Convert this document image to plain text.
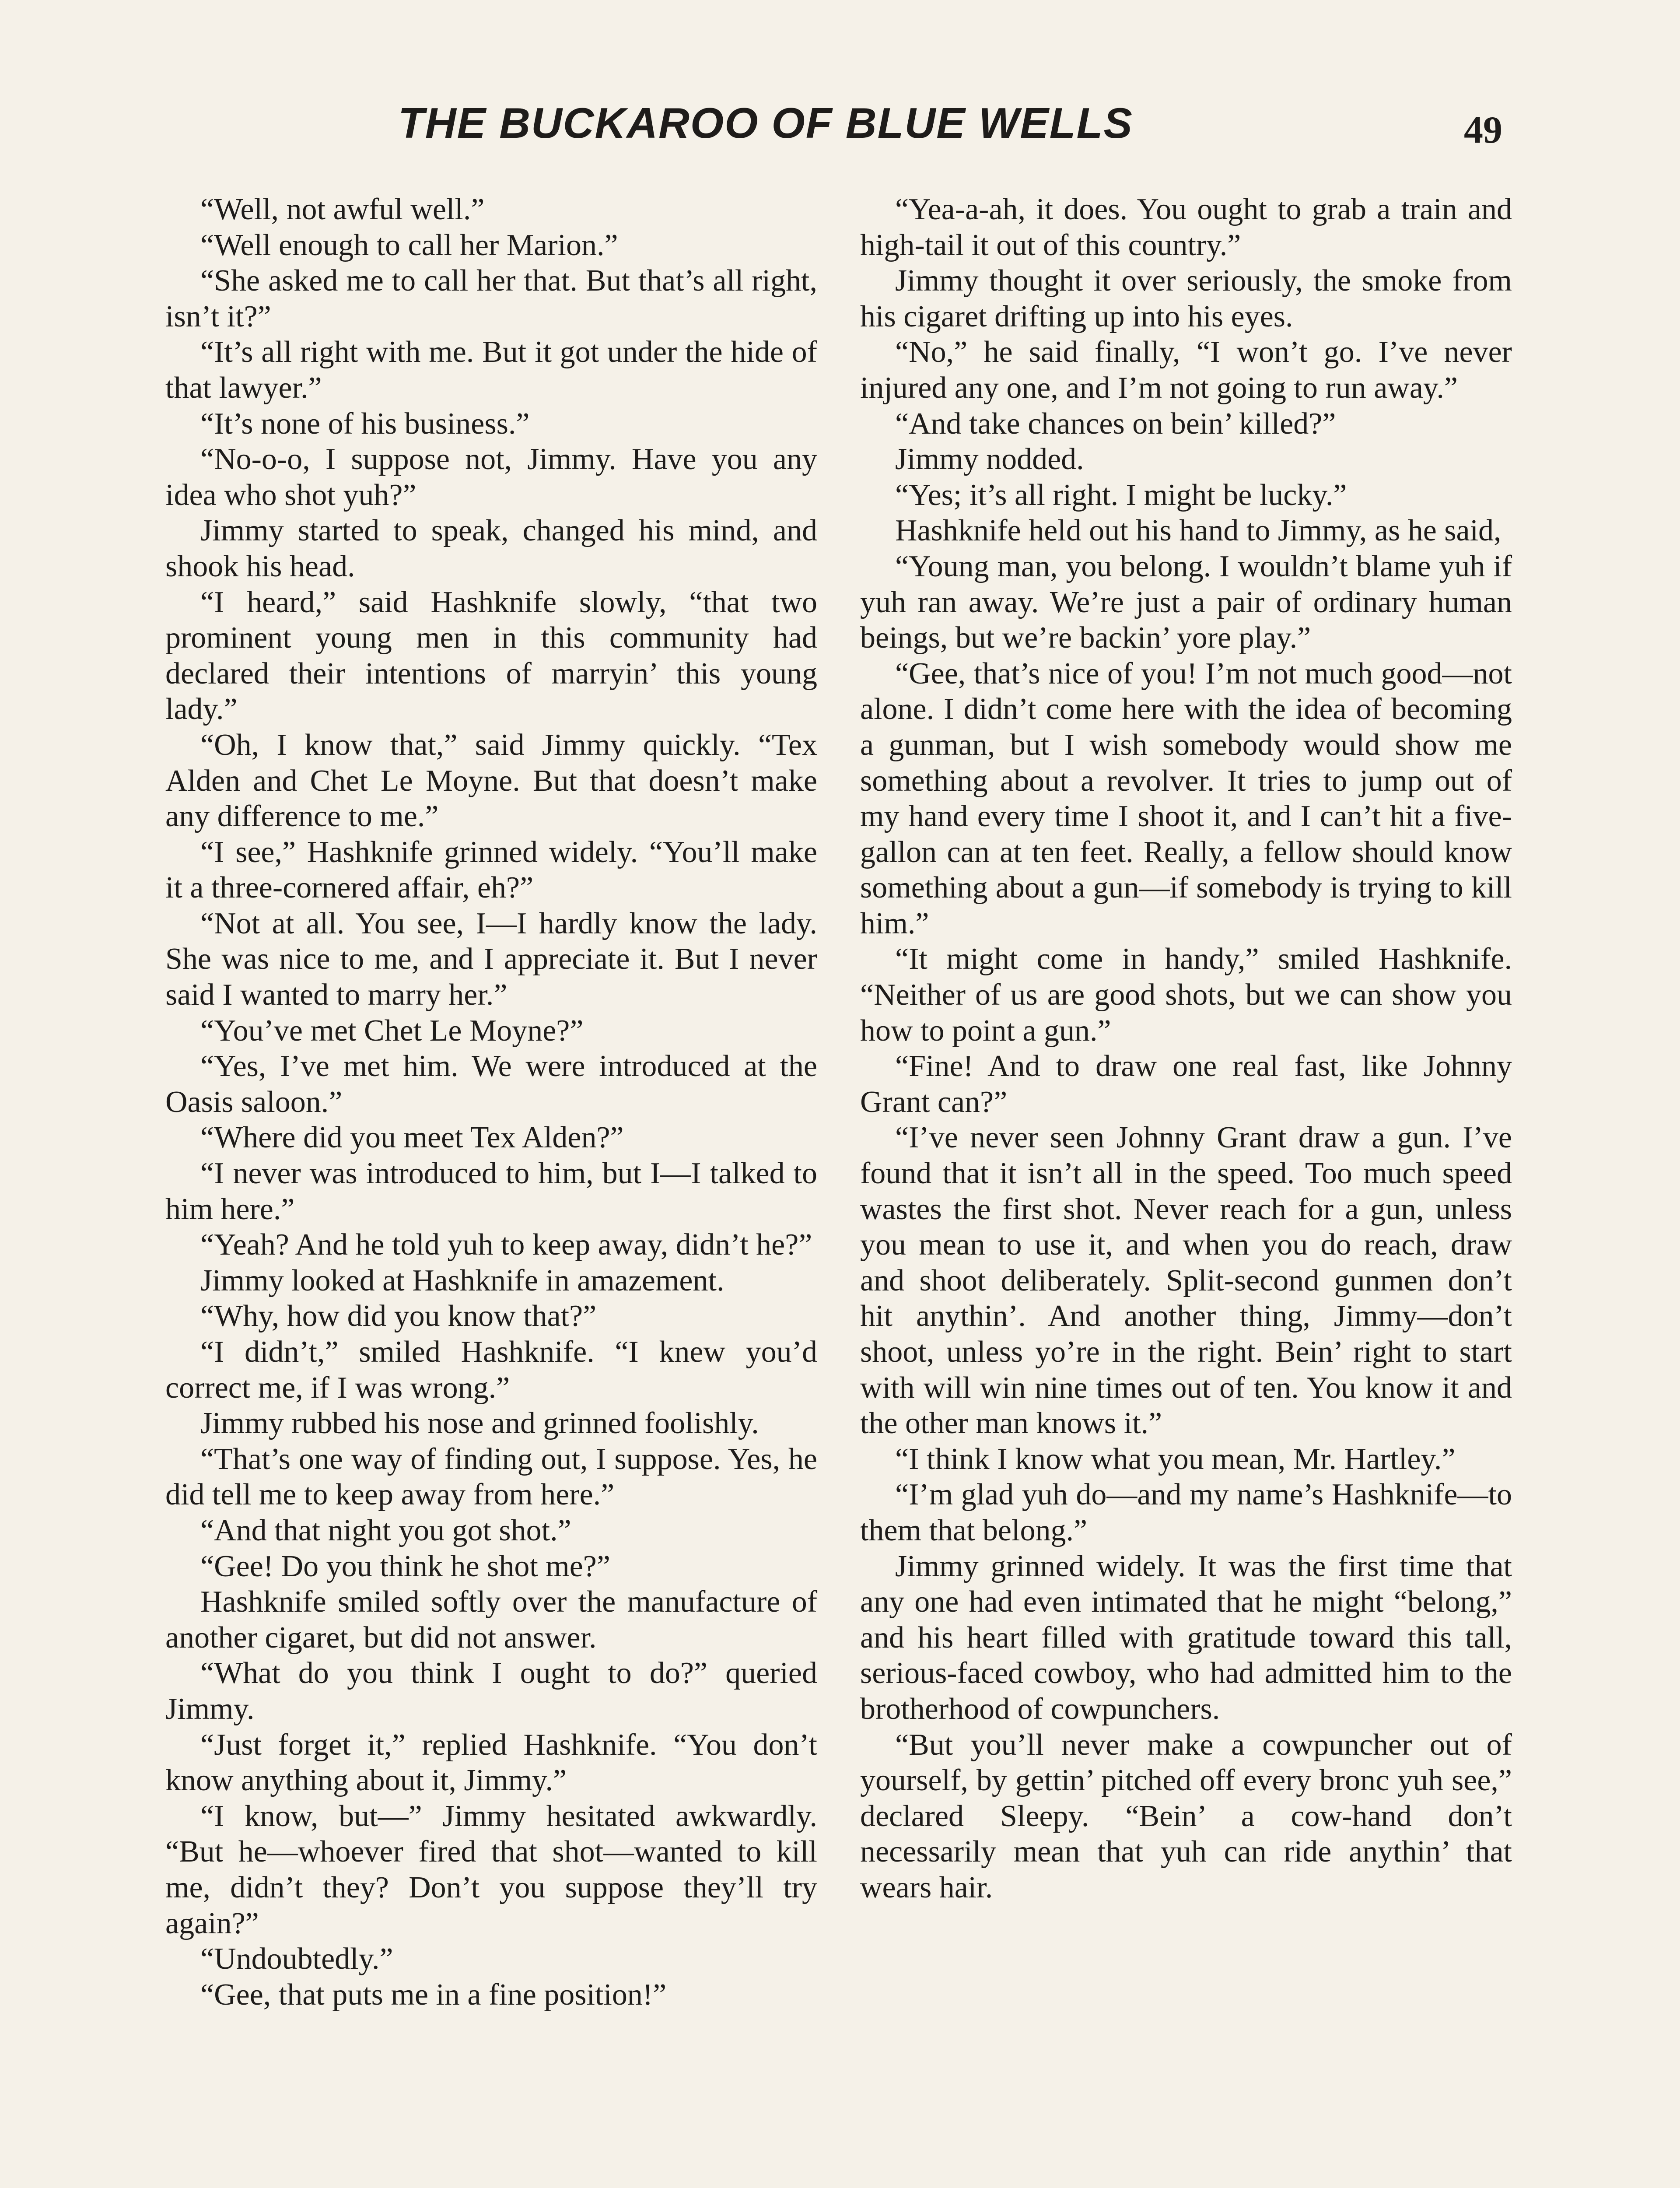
THE BUCKAROO OF BLUE WELLS	49

“Well, not awful well.”

“Well enough to call her Marion.”

“She asked me to call her that. But that’s all right, isn’t it?”

“It’s all right with me. But it got under the hide of that lawyer.”

“It’s none of his business.”

“No-o-o, I suppose not, Jimmy. Have you any idea who shot yuh?”

Jimmy started to speak, changed his mind, and shook his head.

“I heard,” said Hashknife slowly, “that two prominent young men in this community had declared their intentions of marryin’ this young lady.”

“Oh, I know that,” said Jimmy quickly. “Tex Alden and Chet Le Moyne. But that doesn’t make any difference to me.”

“I see,” Hashknife grinned widely. “You’ll make it a three-cornered affair, eh?”

“Not at all. You see, I—I hardly know the lady. She was nice to me, and I appreciate it. But I never said I wanted to marry her.”

“You’ve met Chet Le Moyne?”

“Yes, I’ve met him. We were introduced at the Oasis saloon.”

“Where did you meet Tex Alden?”

“I never was introduced to him, but I—I talked to him here.”

“Yeah? And he told yuh to keep away, didn’t he?”

Jimmy looked at Hashknife in amazement.

“Why, how did you know that?”

“I didn’t,” smiled Hashknife. “I knew you’d correct me, if I was wrong.”

Jimmy rubbed his nose and grinned foolishly.

“That’s one way of finding out, I suppose. Yes, he did tell me to keep away from here.”

“And that night you got shot.”

“Gee! Do you think he shot me?”

Hashknife smiled softly over the manufacture of another cigaret, but did not answer.

“What do you think I ought to do?” queried Jimmy.

“Just forget it,” replied Hashknife. “You don’t know anything about it, Jimmy.”

“I know, but—” Jimmy hesitated awkwardly. “But he—whoever fired that shot—wanted to kill me, didn’t they? Don’t you suppose they’ll try again?”

“Undoubtedly.”

“Gee, that puts me in a fine position!”

“Yea-a-ah, it does. You ought to grab a train and high-tail it out of this country.”

Jimmy thought it over seriously, the smoke from his cigaret drifting up into his eyes.

“No,” he said finally, “I won’t go. I’ve never injured any one, and I’m not going to run away.”

“And take chances on bein’ killed?”

Jimmy nodded.

“Yes; it’s all right. I might be lucky.”

Hashknife held out his hand to Jimmy, as he said,

“Young man, you belong. I wouldn’t blame yuh if yuh ran away. We’re just a pair of ordinary human beings, but we’re backin’ yore play.”

“Gee, that’s nice of you! I’m not much good—not alone. I didn’t come here with the idea of becoming a gunman, but I wish somebody would show me something about a revolver. It tries to jump out of my hand every time I shoot it, and I can’t hit a five-gallon can at ten feet. Really, a fellow should know something about a gun—if somebody is trying to kill him.”

“It might come in handy,” smiled Hashknife. “Neither of us are good shots, but we can show you how to point a gun.”

“Fine! And to draw one real fast, like Johnny Grant can?”

“I’ve never seen Johnny Grant draw a gun. I’ve found that it isn’t all in the speed. Too much speed wastes the first shot. Never reach for a gun, unless you mean to use it, and when you do reach, draw and shoot deliberately. Split-second gunmen don’t hit anythin’. And another thing, Jimmy—don’t shoot, unless yo’re in the right. Bein’ right to start with will win nine times out of ten. You know it and the other man knows it.”

“I think I know what you mean, Mr. Hartley.”

“I’m glad yuh do—and my name’s Hashknife—to them that belong.”

Jimmy grinned widely. It was the first time that any one had even intimated that he might “belong,” and his heart filled with gratitude toward this tall, serious-faced cowboy, who had admitted him to the brotherhood of cowpunchers.

“But you’ll never make a cowpuncher out of yourself, by gettin’ pitched off every bronc yuh see,” declared Sleepy. “Bein’ a cow-hand don’t necessarily mean that yuh can ride anythin’ that wears hair.
